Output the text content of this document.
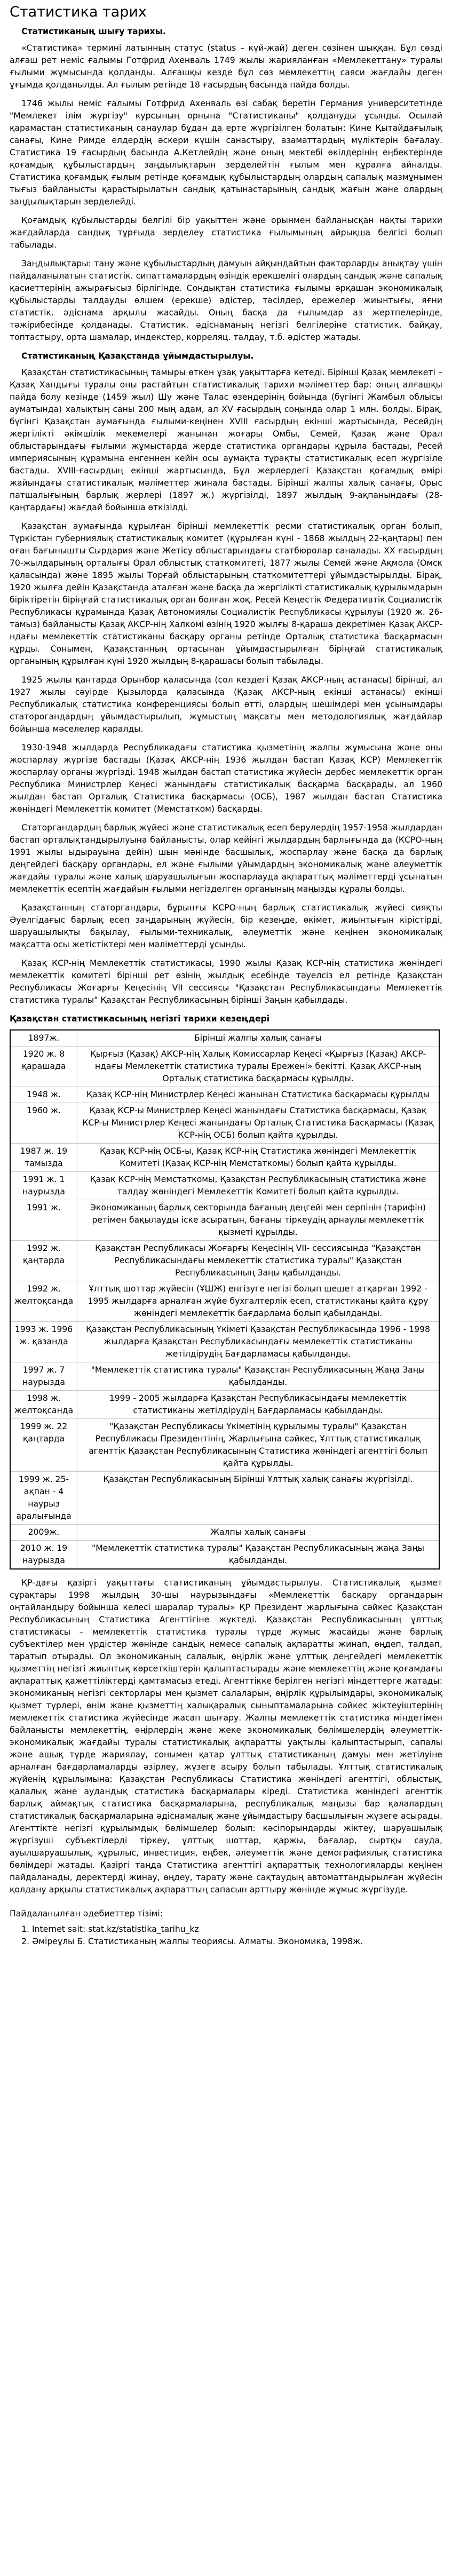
Статистика тарих
Статистиканың шығу тарихы.

«Статистика» термині латынның статус (status – күй-жай) деген сөзінен шыққан. Бұл сөзді алғаш рет неміс ғалымы Готфрид Ахенваль 1749 жылы жарияланған «Мемлекеттану» туралы ғылыми жұмысында қолданды. Алғашқы кезде бұл сөз мемлекеттің саяси жағдайы деген ұғымда қолданылды. Ал ғылым ретінде 18 ғасырдың басында пайда болды.

1746 жылы неміс ғалымы Готфрид Ахенваль өзі сабақ беретін Германия университетінде "Мемлекет ілім жүргізу" курсының орнына "Статистиканы" қолдануды ұсынды. Осылай қарамастан статистиканың санаулар бұдан да ерте жүргізілген болатын: Кине Қытайдағылық санағы, Кине Римде елдердің әскери күшін санастыру, азаматтардың мүліктерін бағалау. Статистика 19 ғасырдың басында А.Кетлейдің және оның мектебі өкілдерінің еңбектерінде қоғамдық құбылыстардың заңдылықтарын зерделейтін ғылым мен құралға айналды. Статистика қоғамдық ғылым ретінде қоғамдық құбылыстардың олардың сапалық мазмұнымен тығыз байланысты қарастырылатын сандық қатынастарының сандық жағын және олардың заңдылықтарын зерделейді.

Қоғамдық құбылыстарды белгілі бір уақыттен және орынмен байланысқан нақты тарихи жағдайларда сандық тұрғыда зерделеу статистика ғылымының айрықша белгісі болып табылады.

Заңдылықтары: тану және құбылыстардың дамуын айқындайтын факторларды анықтау үшін пайдаланылатын статистік. сипаттамалардың өзіндік ерекшелігі олардың сандық және сапалық қасиеттерінің ажырағысыз бірлігінде. Сондықтан статистика ғылымы әрқашан экономикалық құбылыстарды талдауды өлшем (ерекше) әдістер, тәсілдер, ережелер жиынтығы, яғни статистік. әдіснама арқылы жасайды. Оның басқа да ғылымдар аз жертпелерінде, тәжірибесінде қолданады. Статистик. әдіснаманың негізгі белгілеріне статистик. байқау, топтастыру, орта шамалар, индекстер, корреляц. талдау, т.б. әдістер жатады.

Статистиканың Қазақстанда ұйымдастырылуы.

Қазақстан статистикасының тамыры өткен ұзақ уақыттарға кетеді. Бірінші Қазақ мемлекеті – Қазақ Хандығы туралы оны растайтын статистикалық тарихи мәліметтер бар: оның алғашқы пайда болу кезінде (1459 жыл) Шу және Талас өзендерінің бойында (бүгінгі Жамбыл облысы ауматында) халықтың саны 200 мың адам, ал XV ғасырдың соңында олар 1 млн. болды. Бірақ, бүгінгі Қазақстан аумағында ғылыми-кеңінен XVIII ғасырдың екінші жартысында, Ресейдің жергілікті әкімшілік мекемелері жанынан жоғары Омбы, Семей, Қазақ және Орал облыстарындағы ғылыми жұмыстарда жерде статистика органдары құрыла бастады, Ресей империясының құрамына енгеннен кейін осы аумақта тұрақты статистикалық есеп жүргізіле бастады. XVIII-ғасырдың екінші жартысында, Бұл жерлердегі Қазақстан қоғамдық өмірі жайындағы статистикалық мәліметтер жинала бастады. Бірінші жалпы халық санағы, Орыс патшалығының барлық жерлері (1897 ж.) жүргізілді, 1897 жылдың 9-ақпанындағы (28-қаңтардағы) жағдай бойынша өткізілді.

Қазақстан аумағында құрылған бірінші мемлекеттік ресми статистикалық орган болып, Түркістан губерниялық статистикалық комитет (құрылған күні - 1868 жылдың 22-қаңтары) пен оған бағынышты Сырдария және Жетісу облыстарындағы статбюролар саналады. XX ғасырдың 70-жылдарының орталығы Орал облыстық статкомитеті, 1877 жылы Семей және Ақмола (Омск қаласында) және 1895 жылы Торғай облыстарының статкомитеттері ұйымдастырылды. Бірақ, 1920 жылға дейін Қазақстанда аталған және басқа да жергілікті статистикалық құрылымдарын біріктіретін біріңғай статистикалық орган болған жоқ. Ресей Кеңестік Федеративтік Социалистік Республикасы құрамында Қазақ Автономиялы Социалистік Республикасы құрылуы (1920 ж. 26- тамыз) байланысты Қазақ АКСР-нің Халкомі өзінің 1920 жылғы 8-қараша декретімен Қазақ АКСР-ндағы мемлекеттік статистиканы басқару органы ретінде Орталық статистика басқармасын құрды. Сонымен, Қазақстанның ортасынан ұйымдастырылған біріңғай статистикалық органының құрылған күні 1920 жылдың 8-қарашасы болып табылады.

1925 жылы қантарда Орынбор қаласында (сол кездегі Қазақ АКСР-ның астанасы) бірінші, ал 1927 жылы сәуірде Қызылорда қаласында (Қазақ АКСР-ның екінші астанасы) екінші Республикалық статистика конференциясы болып өтті, олардың шешімдері мен ұсынымдары статорогандардың ұйымдастырылып, жұмыстың мақсаты мен методологиялық жағдайлар бойынша мәселелер қаралды.

1930-1948 жылдарда Республикадағы статистика қызметінің жалпы жұмысына және оны жоспарлау жүргізе бастады (Қазақ АКСР-нің 1936 жылдан бастап Қазақ КСР) Мемлекеттік жоспарлау органы жүргізді. 1948 жылдан бастап статистика жүйесін дербес мемлекеттік орган Республика Министрлер Кеңесі жанындағы статистикалық басқарма басқарады, ал 1960 жылдан бастап Орталық Статистика басқармасы (ОСБ), 1987 жылдан бастап Статистика жөніндегі Мемлекеттік комитет (Мемстатком) басқарды.

Статоргандардың барлық жүйесі және статистикалық есеп берулердің 1957-1958 жылдардан бастап орталықтандырылуына байланысты, олар кейінгі жылдардың барлығында да (КСРО-ның 1991 жылы ыдырауына дейін) шын мәнінде басшылық, жоспарлау және басқа да барлық деңгейдегі басқару органдары, ел және ғылыми ұйымдардың экономикалық және әлеуметтік жағдайы туралы және халық шаруашылығын жоспарлауда ақпараттық мәліметтерді ұсынатын мемлекеттік есептің жағдайын ғылыми негізделген органының маңызды құралы болды.

Қазақстанның статоргандары, бұрынғы КСРО-ның барлық статистикалық жүйесі сияқты Әуелгідағыс барлық есеп заңдарының жүйесін, бір кезеңде, өкімет, жиынтығын кірістірді, шаруашылықты бақылау, ғылыми-техникалық, әлеуметтік және кеңінен экономикалық мақсатта осы жетістіктері мен мәліметтерді ұсынды.

Қазақ КСР-нің Мемлекеттік статистикасы, 1990 жылы Қазақ КСР-нің статистика жөніндегі мемлекеттік комитеті бірінші рет өзінің жылдық есебінде тәуелсіз ел ретінде Қазақстан Республикасы Жоғарғы Кеңесінің VII сессиясы "Қазақстан Республикасындағы Мемлекеттік статистика туралы" Қазақстан Республикасының бірінші Заңын қабылдады.

Қазақстан статистикасының негізгі тарихи кезеңдері
1897ж.	Бірінші жалпы халық санағы
1920 ж. 8 қарашада	Қырғыз (Қазақ) АКСР-нің Халық Комиссарлар Кеңесі «Қырғыз (Қазақ) АКСР-ндағы Мемлекеттік статистика туралы Ережені» бекітті. Қазақ АКСР-ның Орталық статистика басқармасы құрылды.
1948 ж.	Қазақ КСР-нің Министрлер Кеңесі жанынан Статистика басқармасы құрылды
1960 ж.	Қазақ КСР-ы Министрлер Кеңесі жанындағы Статистика басқармасы, Қазақ КСР-ы Министрлер Кеңесі жанындағы Орталық Статистика Басқармасы (Қазақ КСР-нің ОСБ) болып қайта құрылды.
1987 ж. 19 тамызда	Қазақ КСР-нің ОСБ-ы, Қазақ КСР-нің Статистика жөніндегі Мемлекеттік Комитеті (Қазақ КСР-нің Мемстаткомы) болып қайта құрылды.
1991 ж. 1 наурызда	Қазақ КСР-нің Мемстаткомы, Қазақстан Республикасының статистика және талдау жөніндегі Мемлекеттік Комитеті болып қайта құрылды.
1991 ж.	Экономиканың барлық секторында бағаның деңгейі мен серпінін (тарифін) ретімен бақылауды іске асыратын, бағаны тіркеудің арнаулы мемлекеттік қызметі құрылды.
1992 ж. қаңтарда	Қазақстан Республикасы Жоғарғы Кеңесінің VII- сессиясында "Қазақстан Республикасындағы мемлекеттік статистика туралы" Қазақстан Республикасының Заңы қабылданды.
1992 ж. желтоқсанда	Ұлттық шоттар жүйесін (ҰШЖ) енгізуге негізі болып шешет атқарған 1992 - 1995 жылдарға арналған жүйе бухгалтерлік есеп, статистиканы қайта құру жөніндегі мемлекеттік бағдарлама болып қабылданды.
1993 ж. 1996 ж. қазанда	Қазақстан Республикасының Үкіметі Қазақстан Республикасында 1996 - 1998 жылдарға Қазақстан Республикасындағы мемлекеттік статистиканы жетілдірудің Бағдарламасы қабылданды.
1997 ж. 7 наурызда	"Мемлекеттік статистика туралы" Қазақстан Республикасының Жаңа Заңы қабылданды.
1998 ж. желтоқсанда	1999 - 2005 жылдарға Қазақстан Республикасындағы мемлекеттік статистиканы жетілдірудің Бағдарламасы қабылданды.
1999 ж. 22 қаңтарда	"Қазақстан Республикасы Үкіметінің құрылымы туралы" Қазақстан Республикасы Президентінің, Жарлығына сәйкес, Ұлттық статистикалық агенттік Қазақстан Республикасының Статистика жөніндегі агенттігі болып қайта құрылды.
1999 ж. 25-ақпан - 4 наурыз аралығында	Қазақстан Республикасының Бірінші Ұлттық халық санағы жүргізілді.
2009ж.	Жалпы халық санағы
2010 ж. 19 наурызда	"Мемлекеттік статистика туралы" Қазақстан Республикасының жаңа Заңы қабылданды.

ҚР-дағы қазіргі уақыттағы статистиканың ұйымдастырылуы. Статистикалық қызмет сұрақтары 1998 жылдың 30-шы наурызындағы «Мемлекеттік басқару органдарын оңтайландыру бойынша келесі шаралар туралы» ҚР Президент жарлығына сәйкес Қазақстан Республикасының Статистика Агенттігіне жүктеді. Қазақстан Республикасының ұлттық статистикасы – мемлекеттік статистика туралы түрде жүмыс жасайды және барлық субъектілер мен үрдістер жөнінде сандық немесе сапалық ақпаратты жинап, өңдеп, талдап, таратып отырады. Ол экономиканың салалық, өңірлік және ұлттық деңгейдегі мемлекеттік қызметтің негізгі жиынтық көрсеткіштерін қалыптастырады және мемлекеттің және қоғамдағы ақпараттық қажеттіліктерді қамтамасыз етеді. Агенттікке берілген негізгі міндеттерге жатады: экономиканың негізгі секторлары мен қызмет салаларын, өңірлік құрылымдары, экономикалық қызмет түрлері, өнім және қызметтің халықаралық сыныптамаларына сәйкес жіктеуіштерінің мемлекеттік статистика жүйесінде жасап шығару. Жалпы мемлекеттік статистика міндетімен байланысты мемлекеттің, өңірлердің және жеке экономикалық бөлімшелердің әлеуметтік-экономикалық жағдайы туралы статистикалық ақпаратты уақтылы қалыптастырып, сапалы және ашық түрде жариялау, сонымен қатар ұлттық статистиканың дамуы мен жетілуіне арналған бағдарламаларды әзірлеу, жүзеге асыру болып табылады. Ұлттық статистикалық жүйенің құрылымына: Қазақстан Республикасы Статистика жөніндегі агенттігі, облыстық, қалалық және аудандық статистика басқармалары кіреді. Статистика жөніндегі агенттік барлық аймақтық статистика басқармаларына, республикалық маңызы бар қалалардың статистикалық басқармаларына әдіснамалық және ұйымдастыру басшылығын жүзеге асырады. Агенттікте негізгі құрылымдық бөлімшелер болып: кәсіпорындарды жіктеу, шаруашылық жүргізуші субъектілерді тіркеу, ұлттық шоттар, қаржы, бағалар, сыртқы сауда, ауылшаруашылық, құрылыс, инвестиция, еңбек, әлеуметтік және демографиялық статистика бөлімдері жатады. Қазіргі таңда Статистика агенттігі ақпараттық технологияларды кеңінен пайдаланады, деректерді жинау, өңдеу, тарату және сақтаудың автоматтандырылған жүйесін қолдану арқылы статистикалық ақпараттың сапасын арттыру жөнінде жұмыс жүргізуде.

Пайдаланылған әдебиеттер тізімі:

1. Internet sait: stat.kz/statistika_tarihu_kz
2. Әміреұлы Б. Статистиканың жалпы теориясы. Алматы. Экономика, 1998ж.
